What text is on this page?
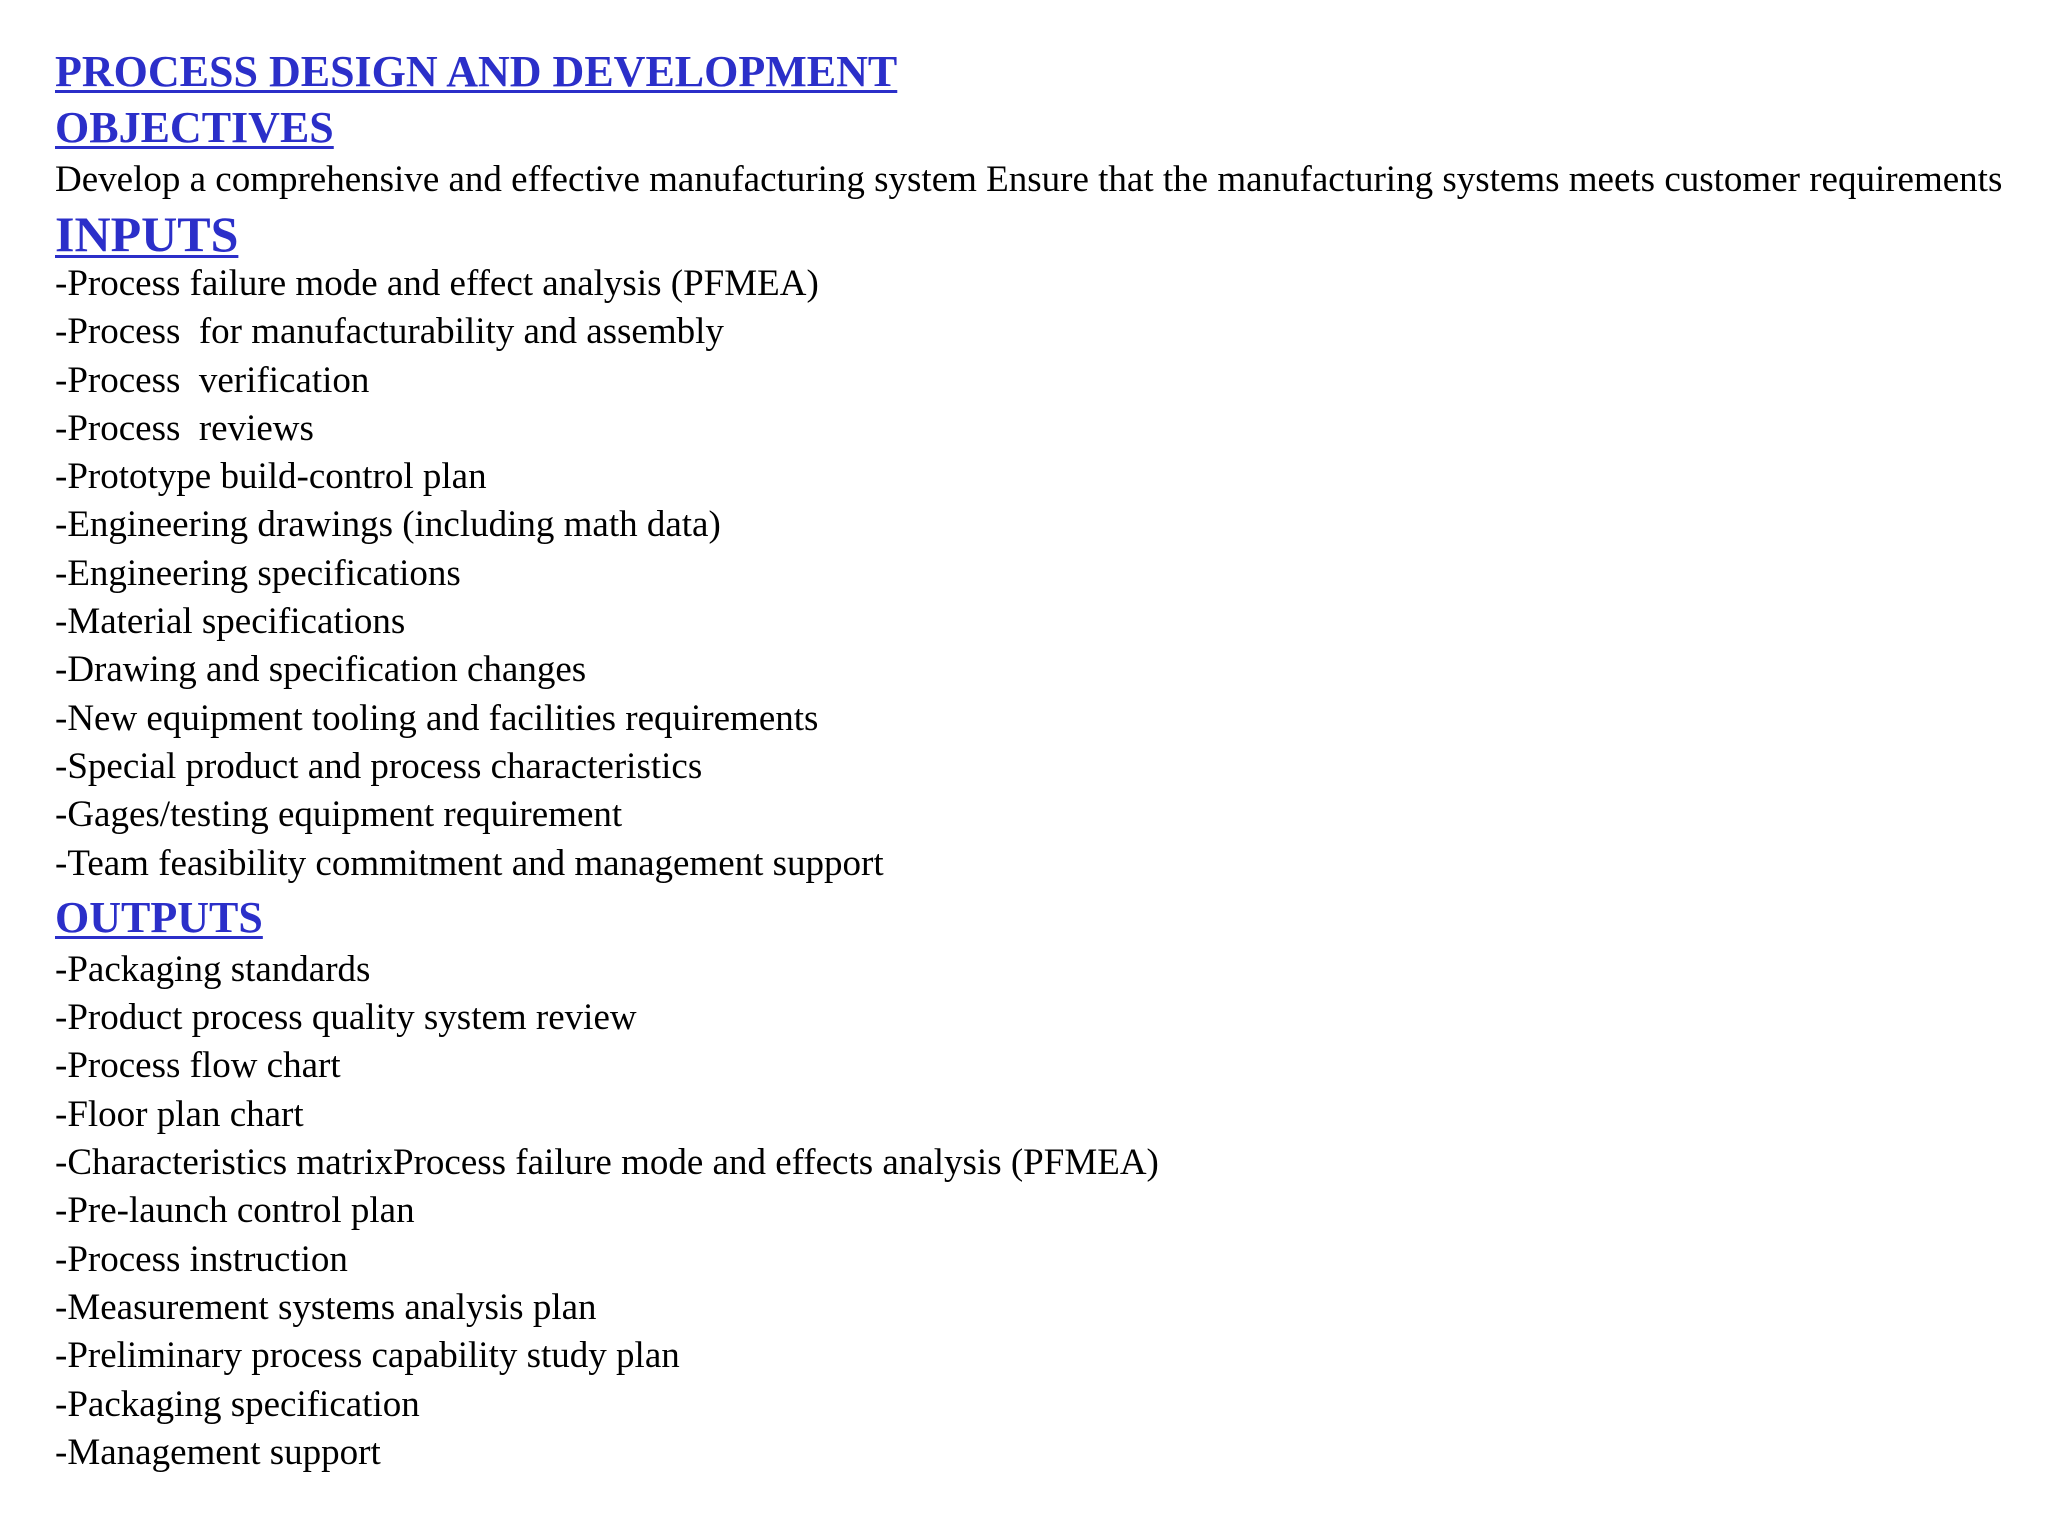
PROCESS DESIGN AND DEVELOPMENT
OBJECTIVES

Develop a comprehensive and effective manufacturing system Ensure that the manufacturing systems meets customer requirements

INPUTS
-Process failure mode and effect analysis (PFMEA)
-Process  for manufacturability and assembly
-Process  verification
-Process  reviews
-Prototype build-control plan
-Engineering drawings (including math data)
-Engineering specifications
-Material specifications
-Drawing and specification changes
-New equipment tooling and facilities requirements
-Special product and process characteristics
-Gages/testing equipment requirement
-Team feasibility commitment and management support
OUTPUTS
-Packaging standards
-Product process quality system review
-Process flow chart
-Floor plan chart
-Characteristics matrixProcess failure mode and effects analysis (PFMEA)
-Pre-launch control plan
-Process instruction
-Measurement systems analysis plan
-Preliminary process capability study plan
-Packaging specification
-Management support
